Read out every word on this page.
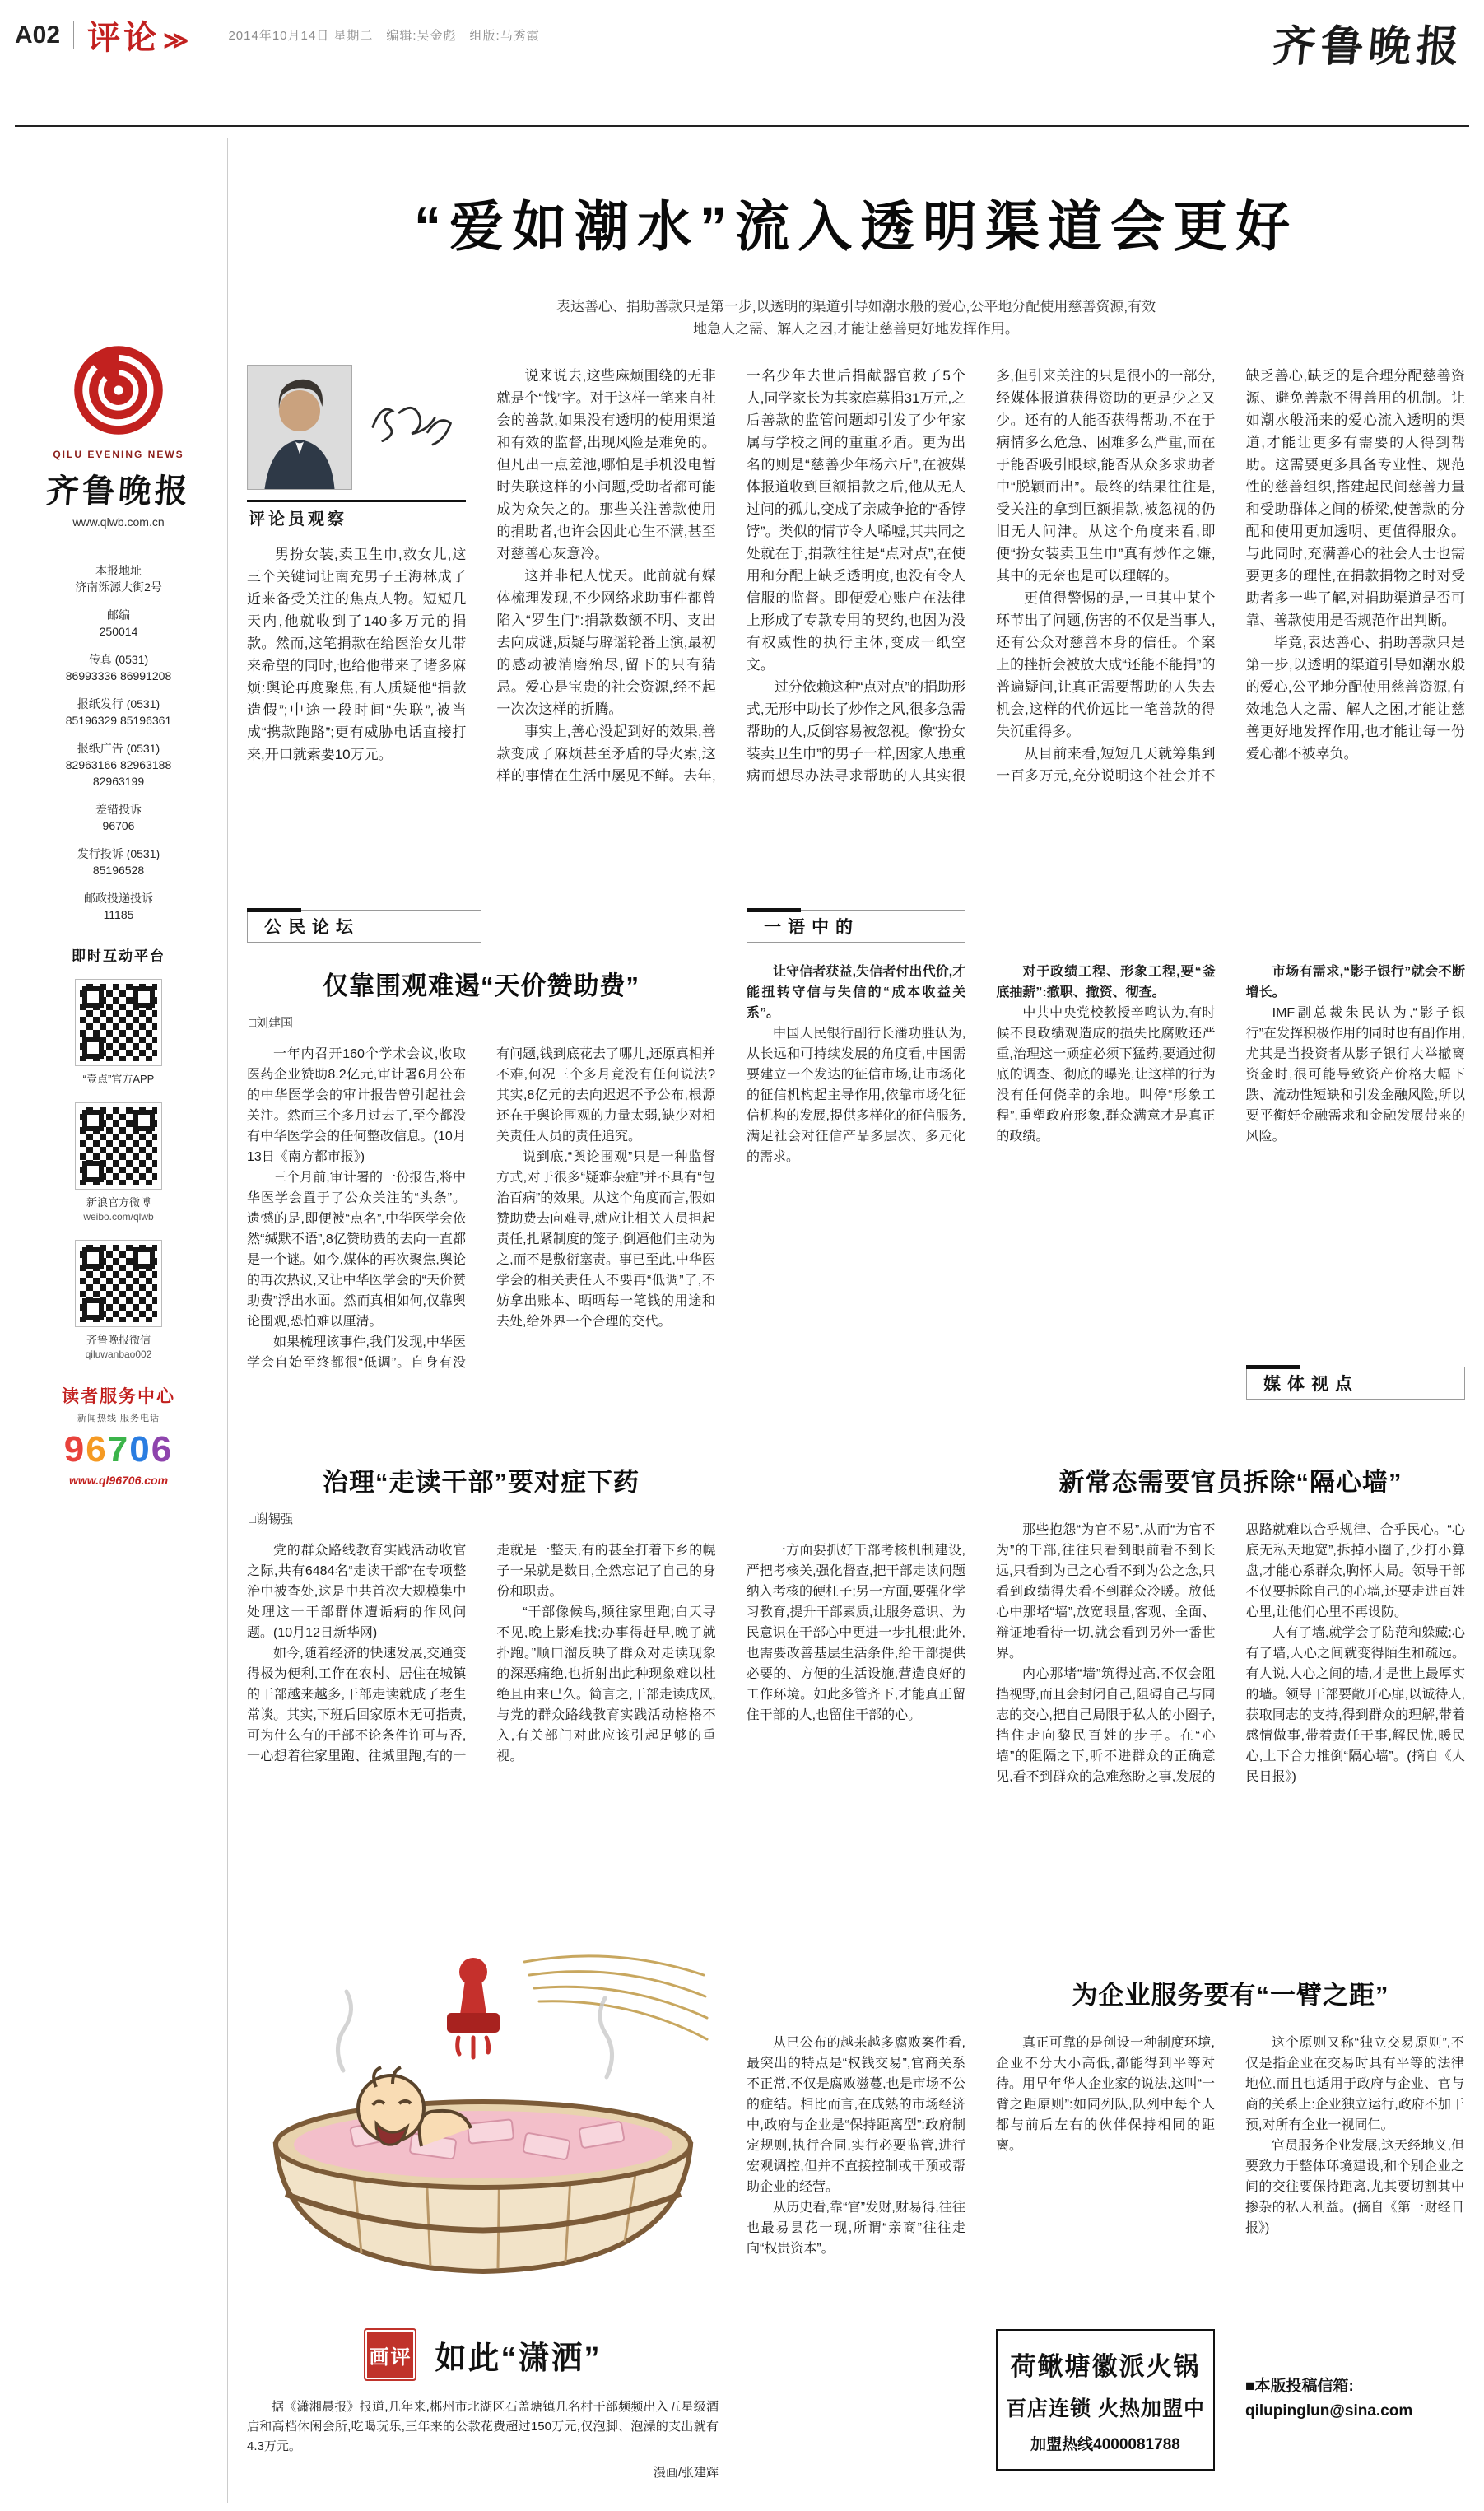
A02 评论 ≫	2014年10月14日 星期二　编辑:吴金彪　组版:马秀霞	齐鲁晚报
QILU EVENING NEWS
齐鲁晚报
www.qlwb.com.cn
本报地址
济南泺源大街2号
邮编
250014
传真 (0531)
86993336 86991208
报纸发行 (0531)
85196329 85196361
报纸广告 (0531)
82963166 82963188 82963199
差错投诉
96706
发行投诉 (0531)
85196528
邮政投递投诉
11185
即时互动平台
“壹点”官方APP
新浪官方微博
weibo.com/qlwb
齐鲁晚报微信
qiluwanbao002
读者服务中心
新闻热线 服务电话
96706
www.ql96706.com
“爱如潮水”流入透明渠道会更好
表达善心、捐助善款只是第一步,以透明的渠道引导如潮水般的爱心,公平地分配使用慈善资源,有效地急人之需、解人之困,才能让慈善更好地发挥作用。
评论员观察

男扮女装,卖卫生巾,救女儿,这三个关键词让南充男子王海林成了近来备受关注的焦点人物。短短几天内,他就收到了140多万元的捐款。然而,这笔捐款在给医治女儿带来希望的同时,也给他带来了诸多麻烦:舆论再度聚焦,有人质疑他“捐款造假”;中途一段时间“失联”,被当成“携款跑路”;更有威胁电话直接打来,开口就索要10万元。

说来说去,这些麻烦围绕的无非就是个“钱”字。对于这样一笔来自社会的善款,如果没有透明的使用渠道和有效的监督,出现风险是难免的。但凡出一点差池,哪怕是手机没电暂时失联这样的小问题,受助者都可能成为众矢之的。那些关注善款使用的捐助者,也许会因此心生不满,甚至对慈善心灰意冷。

这并非杞人忧天。此前就有媒体梳理发现,不少网络求助事件都曾陷入“罗生门”:捐款数额不明、支出去向成谜,质疑与辟谣轮番上演,最初的感动被消磨殆尽,留下的只有猜忌。爱心是宝贵的社会资源,经不起一次次这样的折腾。

事实上,善心没起到好的效果,善款变成了麻烦甚至矛盾的导火索,这样的事情在生活中屡见不鲜。去年,一名少年去世后捐献器官救了5个人,同学家长为其家庭募捐31万元,之后善款的监管问题却引发了少年家属与学校之间的重重矛盾。更为出名的则是“慈善少年杨六斤”,在被媒体报道收到巨额捐款之后,他从无人过问的孤儿,变成了亲戚争抢的“香饽饽”。类似的情节令人唏嘘,其共同之处就在于,捐款往往是“点对点”,在使用和分配上缺乏透明度,也没有令人信服的监督。即便爱心账户在法律上形成了专款专用的契约,也因为没有权威性的执行主体,变成一纸空文。

过分依赖这种“点对点”的捐助形式,无形中助长了炒作之风,很多急需帮助的人,反倒容易被忽视。像“扮女装卖卫生巾”的男子一样,因家人患重病而想尽办法寻求帮助的人其实很多,但引来关注的只是很小的一部分,经媒体报道获得资助的更是少之又少。还有的人能否获得帮助,不在于病情多么危急、困难多么严重,而在于能否吸引眼球,能否从众多求助者中“脱颖而出”。最终的结果往往是,受关注的拿到巨额捐款,被忽视的仍旧无人问津。从这个角度来看,即便“扮女装卖卫生巾”真有炒作之嫌,其中的无奈也是可以理解的。

更值得警惕的是,一旦其中某个环节出了问题,伤害的不仅是当事人,还有公众对慈善本身的信任。个案上的挫折会被放大成“还能不能捐”的普遍疑问,让真正需要帮助的人失去机会,这样的代价远比一笔善款的得失沉重得多。

从目前来看,短短几天就筹集到一百多万元,充分说明这个社会并不缺乏善心,缺乏的是合理分配慈善资源、避免善款不得善用的机制。让如潮水般涌来的爱心流入透明的渠道,才能让更多有需要的人得到帮助。这需要更多具备专业性、规范性的慈善组织,搭建起民间慈善力量和受助群体之间的桥梁,使善款的分配和使用更加透明、更值得服众。与此同时,充满善心的社会人士也需要更多的理性,在捐款捐物之时对受助者多一些了解,对捐助渠道是否可靠、善款使用是否规范作出判断。

毕竟,表达善心、捐助善款只是第一步,以透明的渠道引导如潮水般的爱心,公平地分配使用慈善资源,有效地急人之需、解人之困,才能让慈善更好地发挥作用,也才能让每一份爱心都不被辜负。

公民论坛
仅靠围观难遏“天价赞助费”
□刘建国

一年内召开160个学术会议,收取医药企业赞助8.2亿元,审计署6月公布的中华医学会的审计报告曾引起社会关注。然而三个多月过去了,至今都没有中华医学会的任何整改信息。(10月13日《南方都市报》)

三个月前,审计署的一份报告,将中华医学会置于了公众关注的“头条”。遗憾的是,即便被“点名”,中华医学会依然“缄默不语”,8亿赞助费的去向一直都是一个谜。如今,媒体的再次聚焦,舆论的再次热议,又让中华医学会的“天价赞助费”浮出水面。然而真相如何,仅靠舆论围观,恐怕难以厘清。

如果梳理该事件,我们发现,中华医学会自始至终都很“低调”。自身有没有问题,钱到底花去了哪儿,还原真相并不难,何况三个多月竟没有任何说法?其实,8亿元的去向迟迟不予公布,根源还在于舆论围观的力量太弱,缺少对相关责任人员的责任追究。

说到底,“舆论围观”只是一种监督方式,对于很多“疑难杂症”并不具有“包治百病”的效果。从这个角度而言,假如赞助费去向难寻,就应让相关人员担起责任,扎紧制度的笼子,倒逼他们主动为之,而不是敷衍塞责。事已至此,中华医学会的相关责任人不要再“低调”了,不妨拿出账本、晒晒每一笔钱的用途和去处,给外界一个合理的交代。

一语中的

让守信者获益,失信者付出代价,才能扭转守信与失信的“成本收益关系”。

中国人民银行副行长潘功胜认为,从长远和可持续发展的角度看,中国需要建立一个发达的征信市场,让市场化的征信机构起主导作用,依靠市场化征信机构的发展,提供多样化的征信服务,满足社会对征信产品多层次、多元化的需求。

对于政绩工程、形象工程,要“釜底抽薪”:撤职、撤资、彻查。

中共中央党校教授辛鸣认为,有时候不良政绩观造成的损失比腐败还严重,治理这一顽症必须下猛药,要通过彻底的调查、彻底的曝光,让这样的行为没有任何侥幸的余地。叫停“形象工程”,重塑政府形象,群众满意才是真正的政绩。

市场有需求,“影子银行”就会不断增长。

IMF副总裁朱民认为,“影子银行”在发挥积极作用的同时也有副作用,尤其是当投资者从影子银行大举撤离资金时,很可能导致资产价格大幅下跌、流动性短缺和引发金融风险,所以要平衡好金融需求和金融发展带来的风险。

媒体视点
治理“走读干部”要对症下药
□谢锡强

党的群众路线教育实践活动收官之际,共有6484名“走读干部”在专项整治中被查处,这是中共首次大规模集中处理这一干部群体遭诟病的作风问题。(10月12日新华网)

如今,随着经济的快速发展,交通变得极为便利,工作在农村、居住在城镇的干部越来越多,干部走读就成了老生常谈。其实,下班后回家原本无可指责,可为什么有的干部不论条件许可与否,一心想着往家里跑、往城里跑,有的一走就是一整天,有的甚至打着下乡的幌子一呆就是数日,全然忘记了自己的身份和职责。

“干部像候鸟,频往家里跑;白天寻不见,晚上影难找;办事得赶早,晚了就扑跑。”顺口溜反映了群众对走读现象的深恶痛绝,也折射出此种现象难以杜绝且由来已久。简言之,干部走读成风,与党的群众路线教育实践活动格格不入,有关部门对此应该引起足够的重视。

一方面要抓好干部考核机制建设,严把考核关,强化督查,把干部走读问题纳入考核的硬杠子;另一方面,要强化学习教育,提升干部素质,让服务意识、为民意识在干部心中更进一步扎根;此外,也需要改善基层生活条件,给干部提供必要的、方便的生活设施,营造良好的工作环境。如此多管齐下,才能真正留住干部的人,也留住干部的心。

新常态需要官员拆除“隔心墙”

那些抱怨“为官不易”,从而“为官不为”的干部,往往只看到眼前看不到长远,只看到为己之心看不到为公之念,只看到政绩得失看不到群众冷暖。放低心中那堵“墙”,放宽眼量,客观、全面、辩证地看待一切,就会看到另外一番世界。

内心那堵“墙”筑得过高,不仅会阻挡视野,而且会封闭自己,阻碍自己与同志的交心,把自己局限于私人的小圈子,挡住走向黎民百姓的步子。在“心墙”的阻隔之下,听不进群众的正确意见,看不到群众的急难愁盼之事,发展的思路就难以合乎规律、合乎民心。“心底无私天地宽”,拆掉小圈子,少打小算盘,才能心系群众,胸怀大局。领导干部不仅要拆除自己的心墙,还要走进百姓心里,让他们心里不再设防。

人有了墙,就学会了防范和躲藏;心有了墙,人心之间就变得陌生和疏远。有人说,人心之间的墙,才是世上最厚实的墙。领导干部要敞开心扉,以诚待人,获取同志的支持,得到群众的理解,带着感情做事,带着责任干事,解民忧,暖民心,上下合力推倒“隔心墙”。(摘自《人民日报》)

画评 如此“潇洒”
据《潇湘晨报》报道,几年来,郴州市北湖区石盖塘镇几名村干部频频出入五星级酒店和高档休闲会所,吃喝玩乐,三年来的公款花费超过150万元,仅泡脚、泡澡的支出就有4.3万元。
漫画/张建辉
为企业服务要有“一臂之距”

从已公布的越来越多腐败案件看,最突出的特点是“权钱交易”,官商关系不正常,不仅是腐败滋蔓,也是市场不公的症结。相比而言,在成熟的市场经济中,政府与企业是“保持距离型”:政府制定规则,执行合同,实行必要监管,进行宏观调控,但并不直接控制或干预或帮助企业的经营。

从历史看,靠“官”发财,财易得,往往也最易昙花一现,所谓“亲商”往往走向“权贵资本”。

真正可靠的是创设一种制度环境,企业不分大小高低,都能得到平等对待。用早年华人企业家的说法,这叫“一臂之距原则”:如同列队,队列中每个人都与前后左右的伙伴保持相同的距离。

荷鳅塘徽派火锅
百店连锁 火热加盟中
加盟热线4000081788

这个原则又称“独立交易原则”,不仅是指企业在交易时具有平等的法律地位,而且也适用于政府与企业、官与商的关系上:企业独立运行,政府不加干预,对所有企业一视同仁。

官员服务企业发展,这天经地义,但要致力于整体环境建设,和个别企业之间的交往要保持距离,尤其要切割其中掺杂的私人利益。(摘自《第一财经日报》)

■本版投稿信箱:
qilupinglun@sina.com
